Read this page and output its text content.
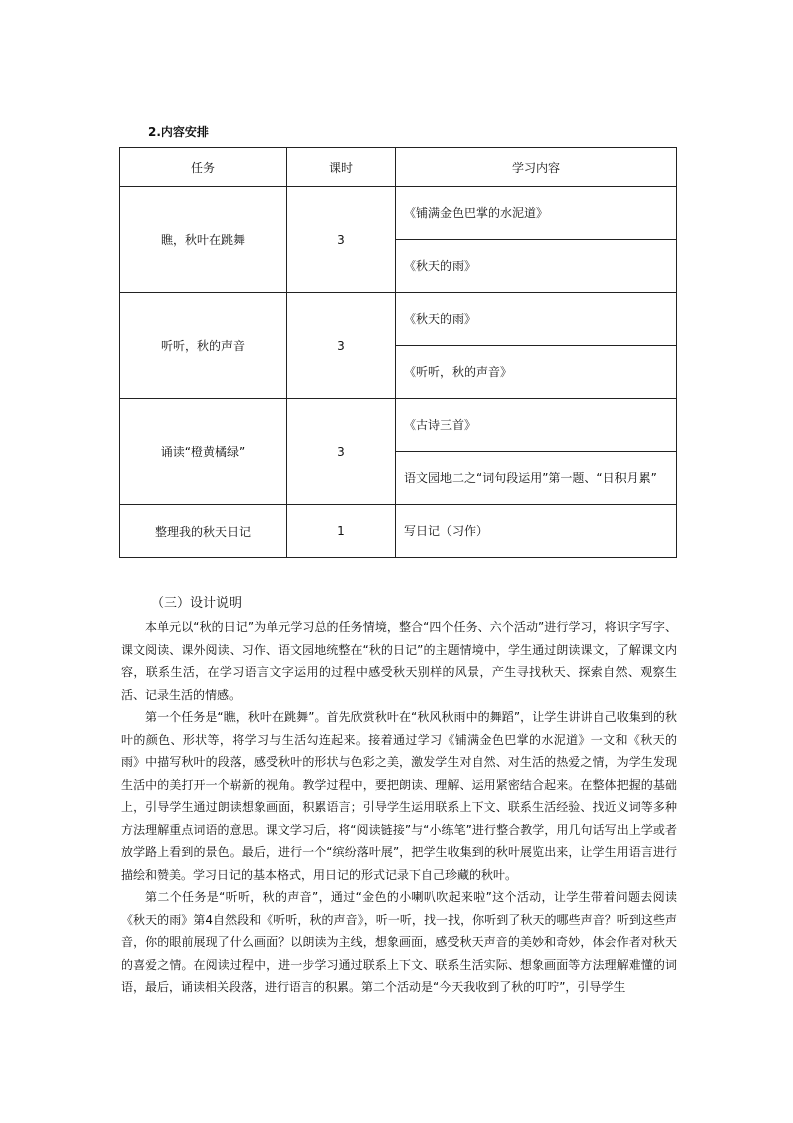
2.内容安排
任务	课时	学习内容
瞧，秋叶在跳舞	3	《铺满金色巴掌的水泥道》
		《秋天的雨》
听听，秋的声音	3	《秋天的雨》
		《听听，秋的声音》
诵读“橙黄橘绿”	3	《古诗三首》
		语文园地二之“词句段运用”第一题、“日积月累”
整理我的秋天日记	1	写日记（习作）
（三）设计说明

本单元以“秋的日记”为单元学习总的任务情境，整合“四个任务、六个活动”进行学习，将识字写字、课文阅读、课外阅读、习作、语文园地统整在“秋的日记”的主题情境中，学生通过朗读课文，了解课文内容，联系生活，在学习语言文字运用的过程中感受秋天别样的风景，产生寻找秋天、探索自然、观察生活、记录生活的情感。

第一个任务是“瞧，秋叶在跳舞”。首先欣赏秋叶在“秋风秋雨中的舞蹈”，让学生讲讲自己收集到的秋叶的颜色、形状等，将学习与生活勾连起来。接着通过学习《铺满金色巴掌的水泥道》一文和《秋天的雨》中描写秋叶的段落，感受秋叶的形状与色彩之美，激发学生对自然、对生活的热爱之情，为学生发现生活中的美打开一个崭新的视角。教学过程中，要把朗读、理解、运用紧密结合起来。在整体把握的基础上，引导学生通过朗读想象画面，积累语言；引导学生运用联系上下文、联系生活经验、找近义词等多种方法理解重点词语的意思。课文学习后，将“阅读链接”与“小练笔”进行整合教学，用几句话写出上学或者放学路上看到的景色。最后，进行一个“缤纷落叶展”，把学生收集到的秋叶展览出来，让学生用语言进行描绘和赞美。学习日记的基本格式，用日记的形式记录下自己珍藏的秋叶。

第二个任务是“听听，秋的声音”，通过“金色的小喇叭吹起来啦”这个活动，让学生带着问题去阅读《秋天的雨》第4自然段和《听听，秋的声音》，听一听，找一找，你听到了秋天的哪些声音？听到这些声音，你的眼前展现了什么画面？以朗读为主线，想象画面，感受秋天声音的美妙和奇妙，体会作者对秋天的喜爱之情。在阅读过程中，进一步学习通过联系上下文、联系生活实际、想象画面等方法理解难懂的词语，最后，诵读相关段落，进行语言的积累。第二个活动是“今天我收到了秋的叮咛”，引导学生
